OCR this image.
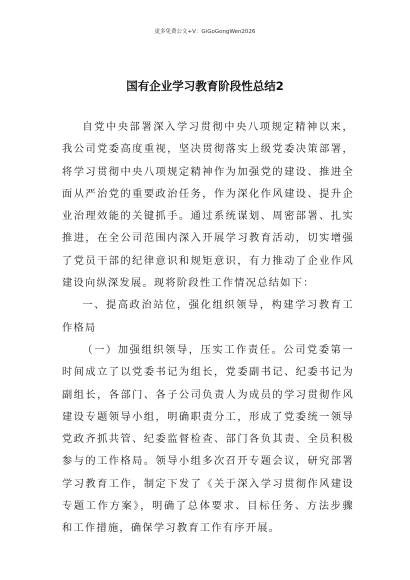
更多免费公文+V：GiGoGongWen2026
国有企业学习教育阶段性总结2

自党中央部署深入学习贯彻中央八项规定精神以来，我公司党委高度重视，坚决贯彻落实上级党委决策部署，将学习贯彻中央八项规定精神作为加强党的建设、推进全面从严治党的重要政治任务，作为深化作风建设、提升企业治理效能的关键抓手。通过系统谋划、周密部署、扎实推进，在全公司范围内深入开展学习教育活动，切实增强了党员干部的纪律意识和规矩意识，有力推动了企业作风建设向纵深发展。现将阶段性工作情况总结如下：

一、提高政治站位，强化组织领导，构建学习教育工作格局

（一）加强组织领导，压实工作责任。公司党委第一时间成立了以党委书记为组长，党委副书记、纪委书记为副组长，各部门、各子公司负责人为成员的学习贯彻作风建设专题领导小组，明确职责分工，形成了党委统一领导党政齐抓共管、纪委监督检查、部门各负其责、全员积极参与的工作格局。领导小组多次召开专题会议，研究部署学习教育工作，制定下发了《关于深入学习贯彻作风建设专题工作方案》，明确了总体要求、目标任务、方法步骤和工作措施，确保学习教育工作有序开展。
